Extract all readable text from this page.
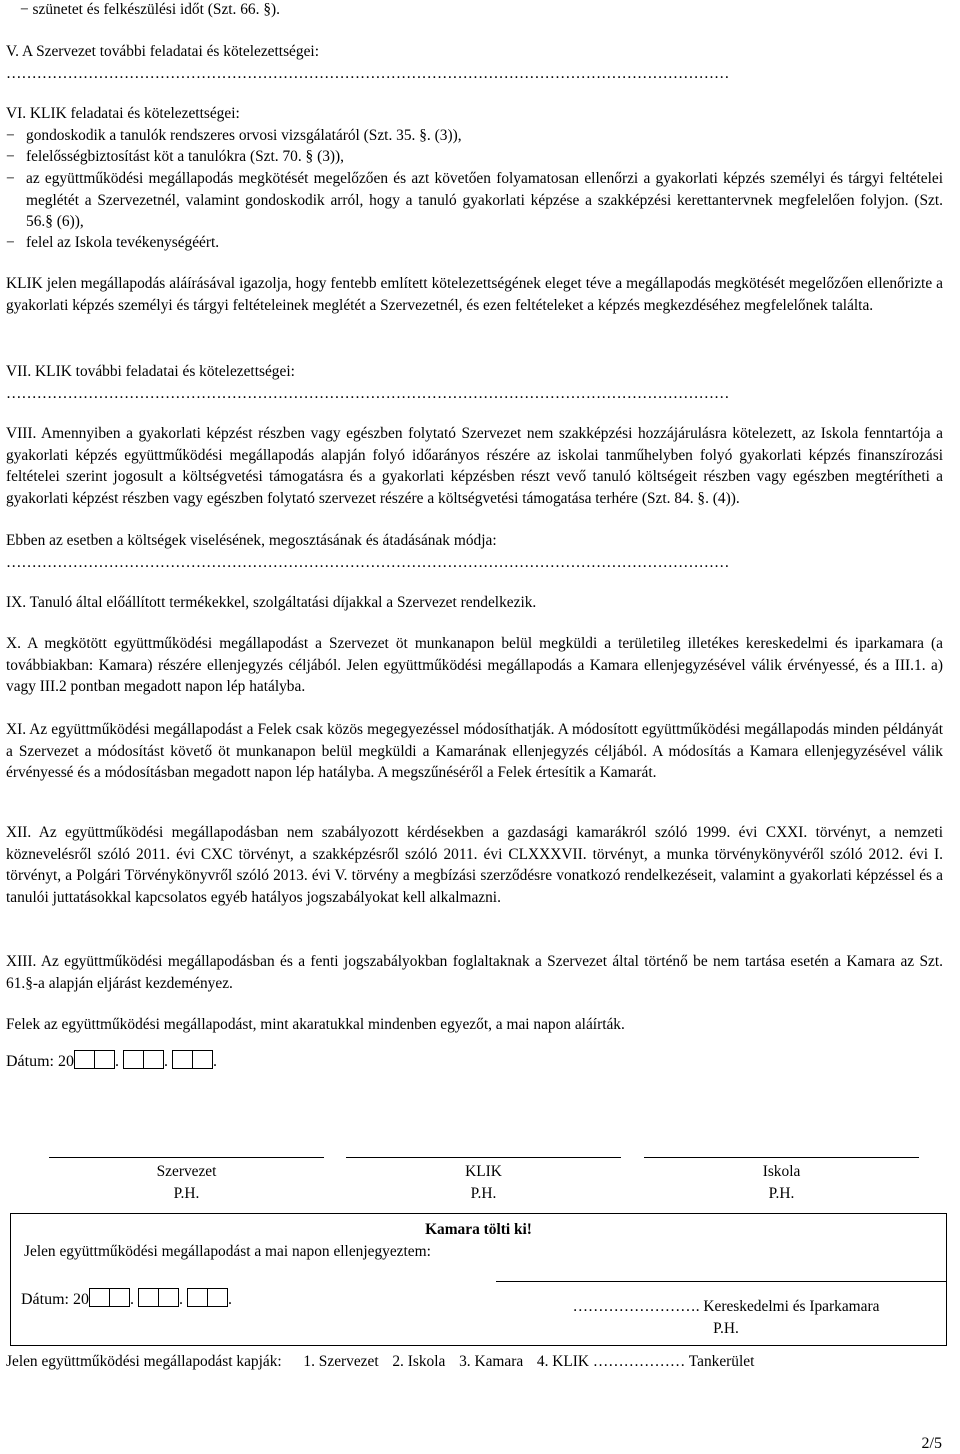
− szünetet és felkészülési időt (Szt. 66. §).
V. A Szervezet további feladatai és kötelezettségei:
……………………………………………………………………………………………………………………………
VI. KLIK feladatai és kötelezettségei:
− gondoskodik a tanulók rendszeres orvosi vizsgálatáról (Szt. 35. §. (3)),
− felelősségbiztosítást köt a tanulókra (Szt. 70. § (3)),
− az együttműködési megállapodás megkötését megelőzően és azt követően folyamatosan ellenőrzi a gyakorlati képzés személyi és tárgyi feltételei meglétét a Szervezetnél, valamint gondoskodik arról, hogy a tanuló gyakorlati képzése a szakképzési kerettantervnek megfelelően folyjon. (Szt. 56.§ (6)),
− felel az Iskola tevékenységéért.
KLIK jelen megállapodás aláírásával igazolja, hogy fentebb említett kötelezettségének eleget téve a megállapodás megkötését megelőzően ellenőrizte a gyakorlati képzés személyi és tárgyi feltételeinek meglétét a Szervezetnél, és ezen feltételeket a képzés megkezdéséhez megfelelőnek találta.
VII. KLIK további feladatai és kötelezettségei:
……………………………………………………………………………………………………………………………
VIII. Amennyiben a gyakorlati képzést részben vagy egészben folytató Szervezet nem szakképzési hozzájárulásra kötelezett, az Iskola fenntartója a gyakorlati képzés együttműködési megállapodás alapján folyó időarányos részére az iskolai tanműhelyben folyó gyakorlati képzés finanszírozási feltételei szerint jogosult a költségvetési támogatásra és a gyakorlati képzésben részt vevő tanuló költségeit részben vagy egészben megtérítheti a gyakorlati képzést részben vagy egészben folytató szervezet részére a költségvetési támogatása terhére (Szt. 84. §. (4)).
Ebben az esetben a költségek viselésének, megosztásának és átadásának módja:
……………………………………………………………………………………………………………………………
IX. Tanuló által előállított termékekkel, szolgáltatási díjakkal a Szervezet rendelkezik.
X. A megkötött együttműködési megállapodást a Szervezet öt munkanapon belül megküldi a területileg illetékes kereskedelmi és iparkamara (a továbbiakban: Kamara) részére ellenjegyzés céljából. Jelen együttműködési megállapodás a Kamara ellenjegyzésével válik érvényessé, és a III.1. a) vagy III.2 pontban megadott napon lép hatályba.
XI. Az együttműködési megállapodást a Felek csak közös megegyezéssel módosíthatják. A módosított együttműködési megállapodás minden példányát a Szervezet a módosítást követő öt munkanapon belül megküldi a Kamarának ellenjegyzés céljából. A módosítás a Kamara ellenjegyzésével válik érvényessé és a módosításban megadott napon lép hatályba. A megszűnéséről a Felek értesítik a Kamarát.
XII. Az együttműködési megállapodásban nem szabályozott kérdésekben a gazdasági kamarákról szóló 1999. évi CXXI. törvényt, a nemzeti köznevelésről szóló 2011. évi CXC törvényt, a szakképzésről szóló 2011. évi CLXXXVII. törvényt, a munka törvénykönyvéről szóló 2012. évi I. törvényt, a Polgári Törvénykönyvről szóló 2013. évi V. törvény a megbízási szerződésre vonatkozó rendelkezéseit, valamint a gyakorlati képzéssel és a tanulói juttatásokkal kapcsolatos egyéb hatályos jogszabályokat kell alkalmazni.
XIII. Az együttműködési megállapodásban és a fenti jogszabályokban foglaltaknak a Szervezet által történő be nem tartása esetén a Kamara az Szt. 61.§-a alapján eljárást kezdeményez.
Felek az együttműködési megállapodást, mint akaratukkal mindenben egyezőt, a mai napon aláírták.
Dátum: 20	.	.	.
Szervezet
P.H.
KLIK
P.H.
Iskola
P.H.
Kamara tölti ki!
Jelen együttműködési megállapodást a mai napon ellenjegyeztem:
Dátum: 20	.	.	.	……………………. Kereskedelmi és Iparkamara
P.H.
Jelen együttműködési megállapodást kapják: 1. Szervezet 2. Iskola 3. Kamara 4. KLIK ……………… Tankerület
2/5
